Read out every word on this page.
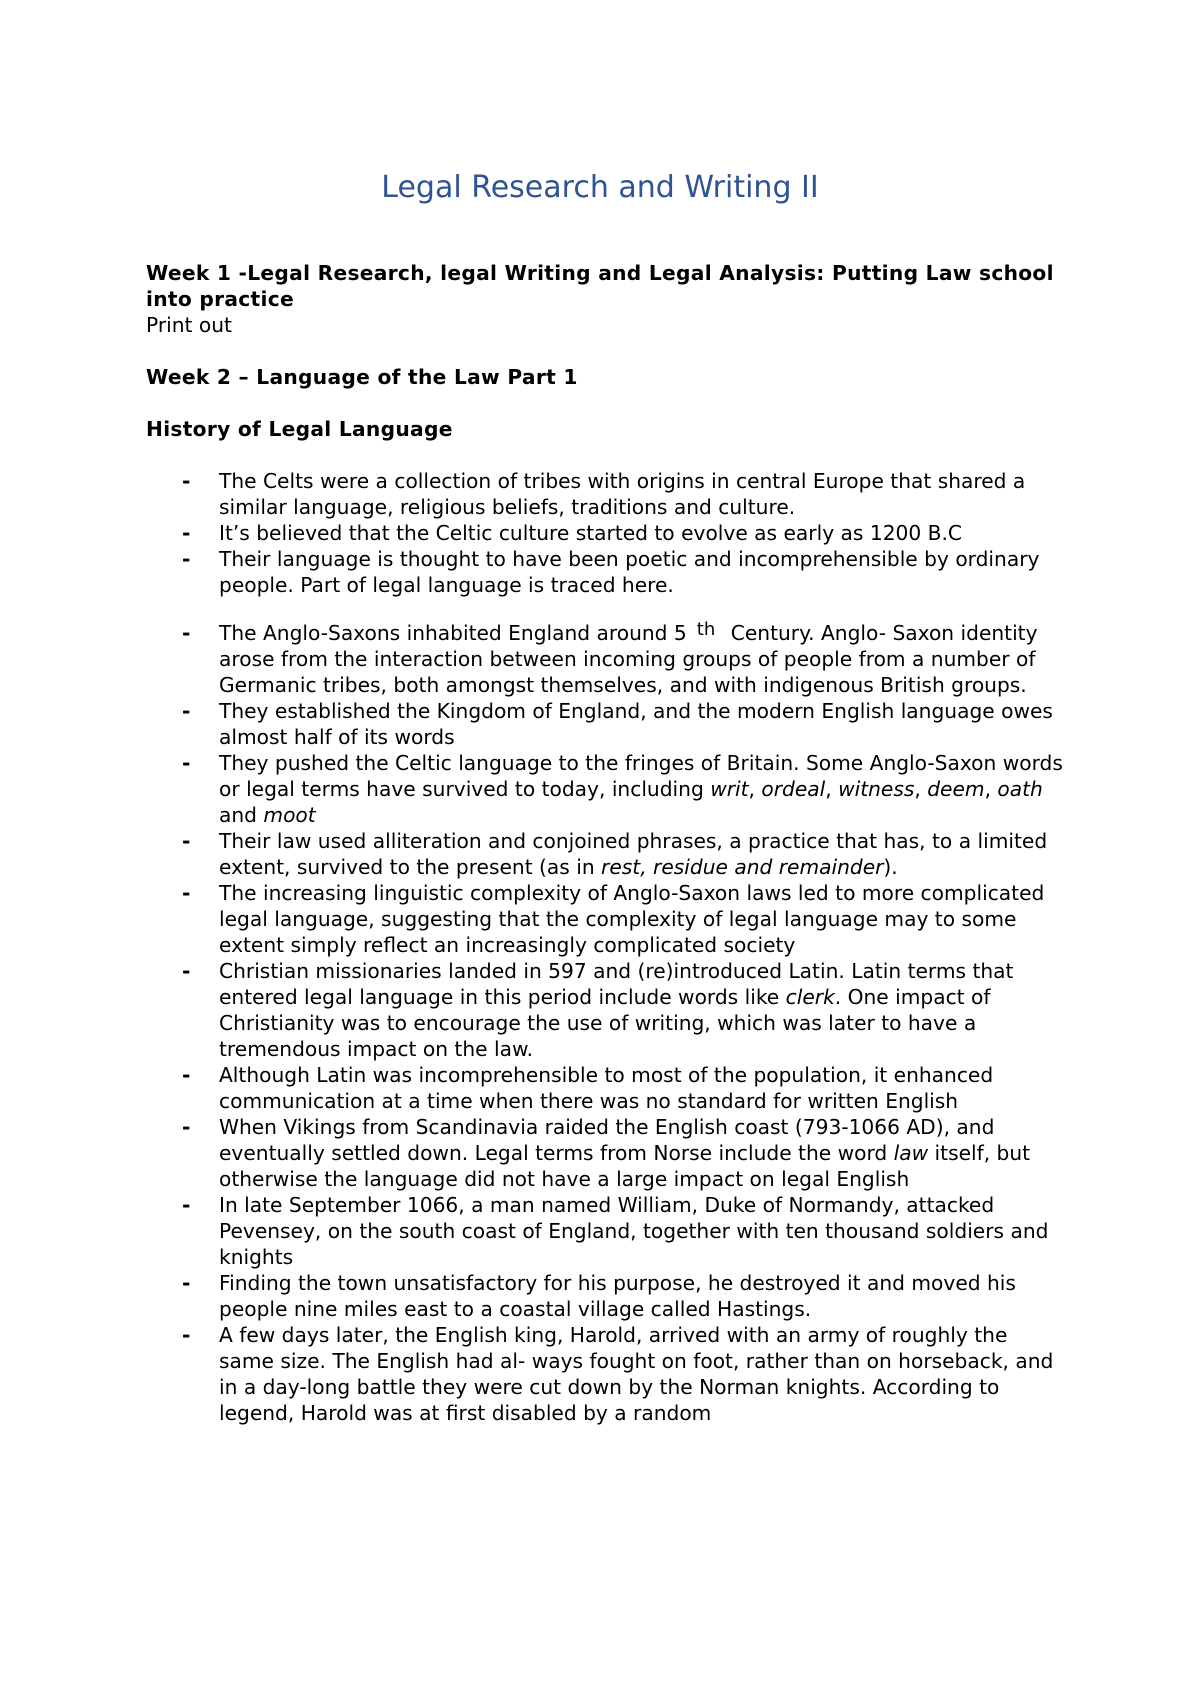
Legal Research and Writing II

Week 1 -Legal Research, legal Writing and Legal Analysis: Putting Law school into practice

Print out

Week 2 – Language of the Law Part 1

History of Legal Language

- The Celts were a collection of tribes with origins in central Europe that shared a similar language, religious beliefs, traditions and culture.
- It’s believed that the Celtic culture started to evolve as early as 1200 B.C
- Their language is thought to have been poetic and incomprehensible by ordinary people. Part of legal language is traced here.
- The Anglo-Saxons inhabited England around 5 th Century. Anglo- Saxon identity arose from the interaction between incoming groups of people from a number of Germanic tribes, both amongst themselves, and with indigenous British groups.
- They established the Kingdom of England, and the modern English language owes almost half of its words
- They pushed the Celtic language to the fringes of Britain. Some Anglo-Saxon words or legal terms have survived to today, including writ, ordeal, witness, deem, oath and moot
- Their law used alliteration and conjoined phrases, a practice that has, to a limited extent, survived to the present (as in rest, residue and remainder).
- The increasing linguistic complexity of Anglo-Saxon laws led to more complicated legal language, suggesting that the complexity of legal language may to some extent simply reflect an increasingly complicated society
- Christian missionaries landed in 597 and (re)introduced Latin. Latin terms that entered legal language in this period include words like clerk. One impact of Christianity was to encourage the use of writing, which was later to have a tremendous impact on the law.
- Although Latin was incomprehensible to most of the population, it enhanced communication at a time when there was no standard for written English
- When Vikings from Scandinavia raided the English coast (793-1066 AD), and eventually settled down. Legal terms from Norse include the word law itself, but otherwise the language did not have a large impact on legal English
- In late September 1066, a man named William, Duke of Normandy, attacked Pevensey, on the south coast of England, together with ten thousand soldiers and knights
- Finding the town unsatisfactory for his purpose, he destroyed it and moved his people nine miles east to a coastal village called Hastings.
- A few days later, the English king, Harold, arrived with an army of roughly the same size. The English had al- ways fought on foot, rather than on horseback, and in a day-long battle they were cut down by the Norman knights. According to legend, Harold was at first disabled by a random
